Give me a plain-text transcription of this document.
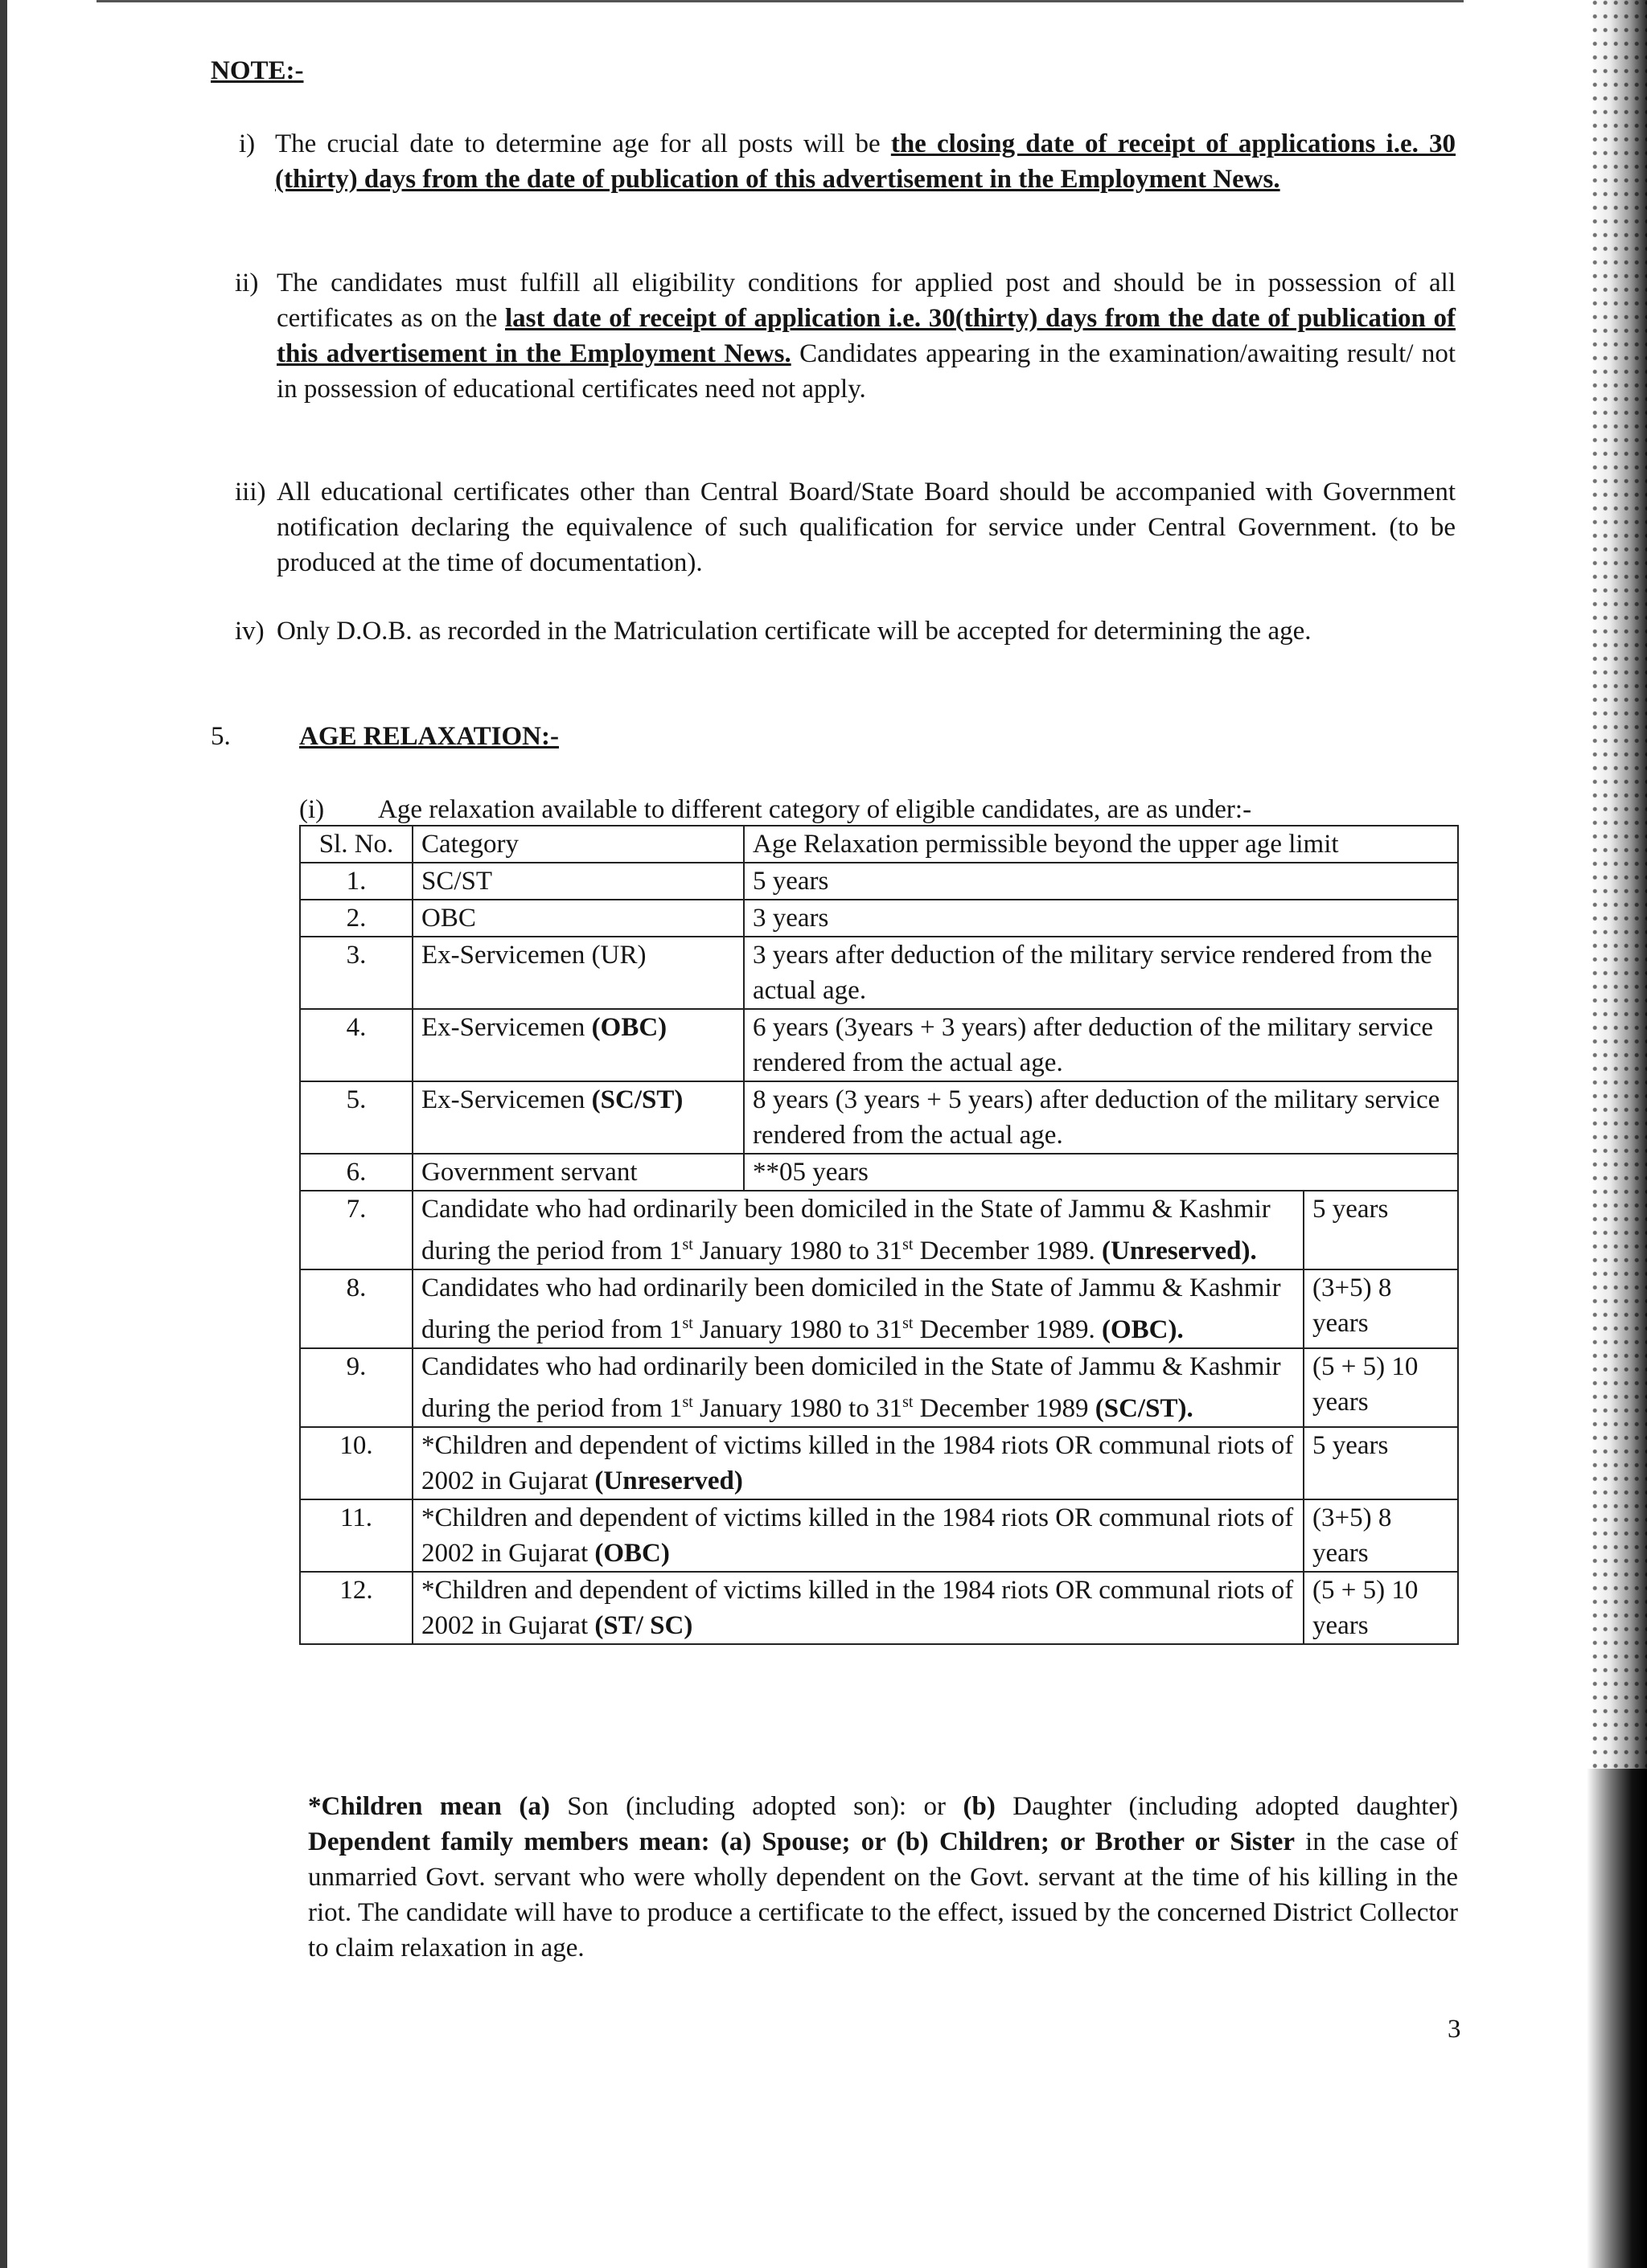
NOTE:-
i) The crucial date to determine age for all posts will be the closing date of receipt of applications i.e. 30 (thirty) days from the date of publication of this advertisement in the Employment News.
ii) The candidates must fulfill all eligibility conditions for applied post and should be in possession of all certificates as on the last date of receipt of application i.e. 30(thirty) days from the date of publication of this advertisement in the Employment News. Candidates appearing in the examination/awaiting result/ not in possession of educational certificates need not apply.
iii) All educational certificates other than Central Board/State Board should be accompanied with Government notification declaring the equivalence of such qualification for service under Central Government. (to be produced at the time of documentation).
iv) Only D.O.B. as recorded in the Matriculation certificate will be accepted for determining the age.
5.	AGE RELAXATION:-
(i) Age relaxation available to different category of eligible candidates, are as under:-
Sl. No.	Category	Age Relaxation permissible beyond the upper age limit	
1.	SC/ST	5 years	
2.	OBC	3 years	
3.	Ex-Servicemen (UR)	3 years after deduction of the military service rendered from the actual age.	
4.	Ex-Servicemen (OBC)	6 years (3years + 3 years) after deduction of the military service rendered from the actual age.	
5.	Ex-Servicemen (SC/ST)	8 years (3 years + 5 years) after deduction of the military service rendered from the actual age.	
6.	Government servant	**05 years	
7.	Candidate who had ordinarily been domiciled in the State of Jammu & Kashmir during the period from 1st January 1980 to 31st December 1989. (Unreserved).		5 years
8.	Candidates who had ordinarily been domiciled in the State of Jammu & Kashmir during the period from 1st January 1980 to 31st December 1989. (OBC).		(3+5) 8 years
9.	Candidates who had ordinarily been domiciled in the State of Jammu & Kashmir during the period from 1st January 1980 to 31st December 1989 (SC/ST).		(5 + 5) 10 years
10.	*Children and dependent of victims killed in the 1984 riots OR communal riots of 2002 in Gujarat (Unreserved)		5 years
11.	*Children and dependent of victims killed in the 1984 riots OR communal riots of 2002 in Gujarat (OBC)		(3+5) 8 years
12.	*Children and dependent of victims killed in the 1984 riots OR communal riots of 2002 in Gujarat (ST/ SC)		(5 + 5) 10 years
*Children mean (a) Son (including adopted son): or (b) Daughter (including adopted daughter) Dependent family members mean: (a) Spouse; or (b) Children; or Brother or Sister in the case of unmarried Govt. servant who were wholly dependent on the Govt. servant at the time of his killing in the riot. The candidate will have to produce a certificate to the effect, issued by the concerned District Collector to claim relaxation in age.
3
